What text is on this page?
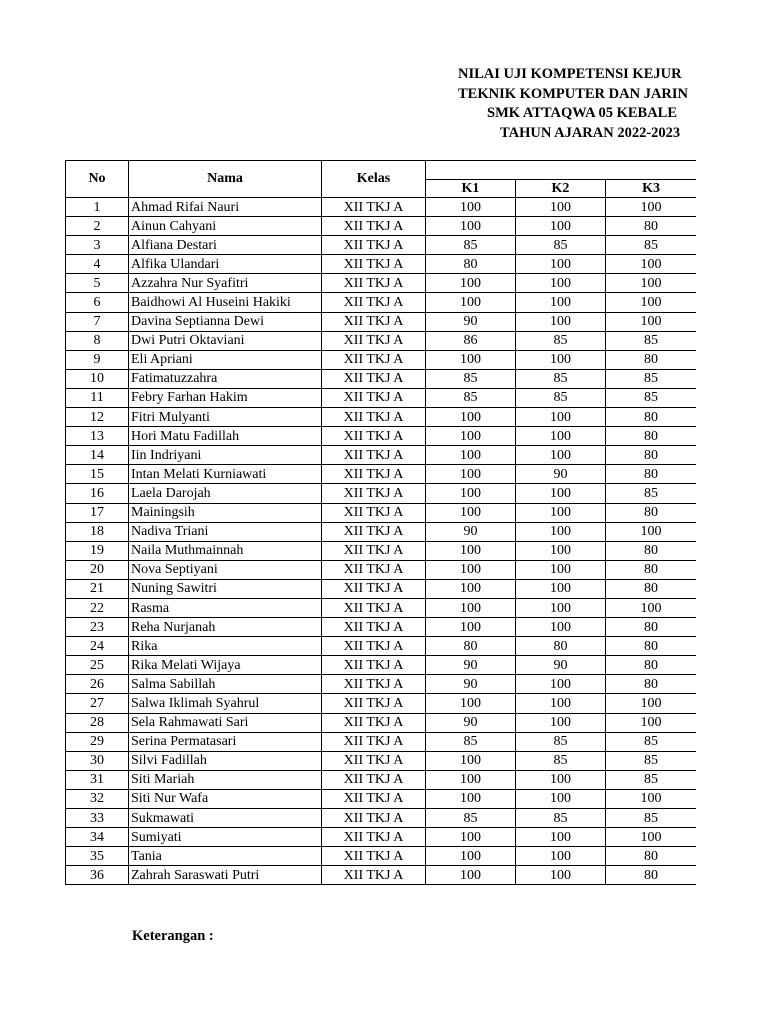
NILAI UJI KOMPETENSI KEJUR
TEKNIK KOMPUTER DAN JARIN
SMK ATTAQWA 05 KEBALE
TAHUN AJARAN 2022-2023
No	Nama	Kelas			
			K1	K2	K3
1	Ahmad Rifai Nauri	XII TKJ A	100	100	100
2	Ainun Cahyani	XII TKJ A	100	100	80
3	Alfiana Destari	XII TKJ A	85	85	85
4	Alfika Ulandari	XII TKJ A	80	100	100
5	Azzahra Nur Syafitri	XII TKJ A	100	100	100
6	Baidhowi Al Huseini Hakiki	XII TKJ A	100	100	100
7	Davina Septianna Dewi	XII TKJ A	90	100	100
8	Dwi Putri Oktaviani	XII TKJ A	86	85	85
9	Eli Apriani	XII TKJ A	100	100	80
10	Fatimatuzzahra	XII TKJ A	85	85	85
11	Febry Farhan Hakim	XII TKJ A	85	85	85
12	Fitri Mulyanti	XII TKJ A	100	100	80
13	Hori Matu Fadillah	XII TKJ A	100	100	80
14	Iin Indriyani	XII TKJ A	100	100	80
15	Intan Melati Kurniawati	XII TKJ A	100	90	80
16	Laela Darojah	XII TKJ A	100	100	85
17	Mainingsih	XII TKJ A	100	100	80
18	Nadiva Triani	XII TKJ A	90	100	100
19	Naila Muthmainnah	XII TKJ A	100	100	80
20	Nova Septiyani	XII TKJ A	100	100	80
21	Nuning Sawitri	XII TKJ A	100	100	80
22	Rasma	XII TKJ A	100	100	100
23	Reha Nurjanah	XII TKJ A	100	100	80
24	Rika	XII TKJ A	80	80	80
25	Rika Melati Wijaya	XII TKJ A	90	90	80
26	Salma Sabillah	XII TKJ A	90	100	80
27	Salwa Iklimah Syahrul	XII TKJ A	100	100	100
28	Sela Rahmawati Sari	XII TKJ A	90	100	100
29	Serina Permatasari	XII TKJ A	85	85	85
30	Silvi Fadillah	XII TKJ A	100	85	85
31	Siti Mariah	XII TKJ A	100	100	85
32	Siti Nur Wafa	XII TKJ A	100	100	100
33	Sukmawati	XII TKJ A	85	85	85
34	Sumiyati	XII TKJ A	100	100	100
35	Tania	XII TKJ A	100	100	80
36	Zahrah Saraswati Putri	XII TKJ A	100	100	80
Keterangan :
